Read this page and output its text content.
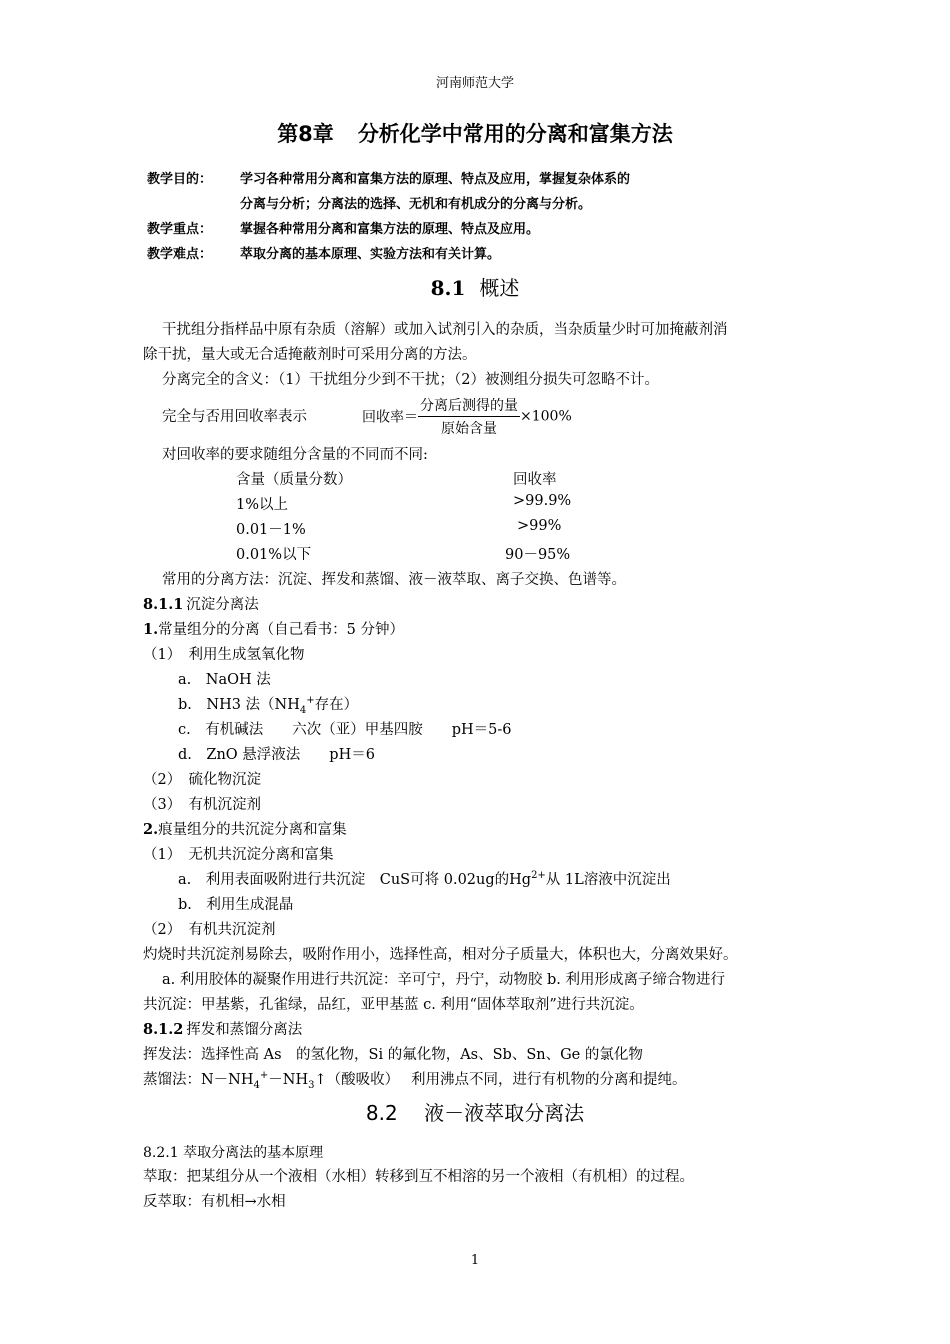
河南师范大学
第8章 分析化学中常用的分离和富集方法
教学目的： 学习各种常用分离和富集方法的原理、特点及应用，掌握复杂体系的
分离与分析；分离法的选择、无机和有机成分的分离与分析。
教学重点： 掌握各种常用分离和富集方法的原理、特点及应用。
教学难点： 萃取分离的基本原理、实验方法和有关计算。
8.1 概述
干扰组分指样品中原有杂质（溶解）或加入试剂引入的杂质，当杂质量少时可加掩蔽剂消
除干扰，量大或无合适掩蔽剂时可采用分离的方法。
分离完全的含义：（1）干扰组分少到不干扰；（2）被测组分损失可忽略不计。
完全与否用回收率表示	回收率＝ $\frac{\text{分离后测得的量}}{\text{原始含量}} \times 100\%$
对回收率的要求随组分含量的不同而不同:
含量（质量分数）	回收率
1%以上	>99.9%
0.01－1%	>99%
0.01%以下	90－95%
常用的分离方法：沉淀、挥发和蒸馏、液－液萃取、离子交换、色谱等。
8.1.1  沉淀分离法
1.常量组分的分离（自己看书：5 分钟）
（1）　利用生成氢氧化物
a.　NaOH 法
b.　NH3 法（$NH_4^+$存在）
c.　有机碱法　　六次（亚）甲基四胺　　pH＝5-6
d.　ZnO 悬浮液法　　pH＝6
（2）　硫化物沉淀
（3）　有机沉淀剂
2.痕量组分的共沉淀分离和富集
（1）　无机共沉淀分离和富集
a.　利用表面吸附进行共沉淀　CuS可将 0.02ug的$Hg^{2+}$从 1L溶液中沉淀出
b.　利用生成混晶
（2）　有机共沉淀剂
灼烧时共沉淀剂易除去，吸附作用小，选择性高，相对分子质量大，体积也大，分离效果好。
a. 利用胶体的凝聚作用进行共沉淀：辛可宁，丹宁，动物胶 b. 利用形成离子缔合物进行
共沉淀：甲基紫，孔雀绿，品红，亚甲基蓝 c. 利用“固体萃取剂”进行共沉淀。
8.1.2  挥发和蒸馏分离法
挥发法：选择性高 As　的氢化物，Si 的氟化物，As、Sb、Sn、Ge 的氯化物
蒸馏法：$N-NH_4^+-NH_3↑$（酸吸收）　 利用沸点不同，进行有机物的分离和提纯。
8.2　 液－液萃取分离法
8.2.1 萃取分离法的基本原理
萃取：把某组分从一个液相（水相）转移到互不相溶的另一个液相（有机相）的过程。
反萃取：有机相→水相
1
